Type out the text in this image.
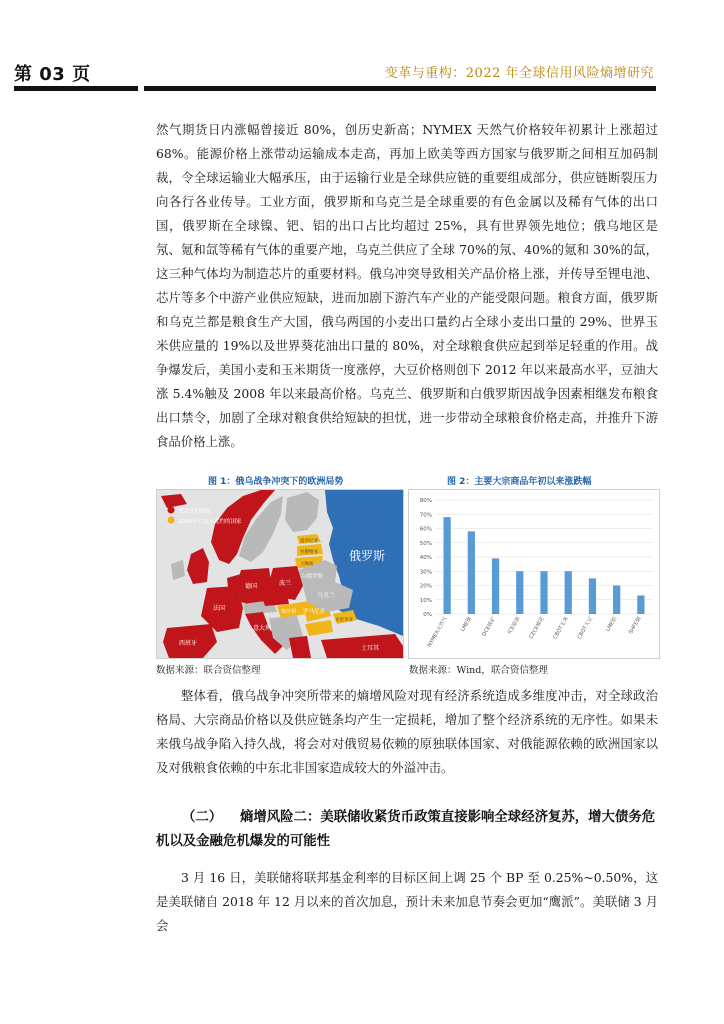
第 03 页	变革与重构：2022 年全球信用风险熵增研究

然气期货日内涨幅曾接近 80%，创历史新高；NYMEX 天然气价格较年初累计上涨超过 68%。能源价格上涨带动运输成本走高，再加上欧美等西方国家与俄罗斯之间相互加码制裁，令全球运输业大幅承压，由于运输行业是全球供应链的重要组成部分，供应链断裂压力向各行各业传导。工业方面，俄罗斯和乌克兰是全球重要的有色金属以及稀有气体的出口国，俄罗斯在全球镍、钯、铝的出口占比均超过 25%，具有世界领先地位；俄乌地区是氖、氪和氙等稀有气体的重要产地，乌克兰供应了全球 70%的氖、40%的氪和 30%的氙，这三种气体均为制造芯片的重要材料。俄乌冲突导致相关产品价格上涨，并传导至锂电池、芯片等多个中游产业供应短缺，进而加剧下游汽车产业的产能受限问题。粮食方面，俄罗斯和乌克兰都是粮食生产大国，俄乌两国的小麦出口量约占全球小麦出口量的 29%、世界玉米供应量的 19%以及世界葵花油出口量的 80%，对全球粮食供应起到举足轻重的作用。战争爆发后，美国小麦和玉米期货一度涨停，大豆价格则创下 2012 年以来最高水平，豆油大涨 5.4%触及 2008 年以来最高价格。乌克兰、俄罗斯和白俄罗斯因战争因素相继发布粮食出口禁令，加剧了全球对粮食供给短缺的担忧，进一步带动全球粮食价格走高，并推升下游食品价格上涨。

图 1：俄乌战争冲突下的欧洲局势	图 2：主要大宗商品年初以来涨跌幅
代表北约国家
2004年后加入北约的国家
俄罗斯
乌克兰
白俄罗斯
波兰
德国
法国
西班牙
意大利
土耳其
罗马尼亚
匈牙利
爱沙尼亚
拉脱维亚
立陶宛
克里米亚
0%
10%
20%
30%
40%
50%
60%
70%
80%
NYMEX天然气	LME镍	DCE铁矿	ICE原油	CZCE棉花	CBOT玉米	CBOT大豆	LME铝	SHFE铜
数据来源：联合资信整理	数据来源：Wind，联合资信整理

整体看，俄乌战争冲突所带来的熵增风险对现有经济系统造成多维度冲击，对全球政治格局、大宗商品价格以及供应链条均产生一定损耗，增加了整个经济系统的无序性。如果未来俄乌战争陷入持久战，将会对对俄贸易依赖的原独联体国家、对俄能源依赖的欧洲国家以及对俄粮食依赖的中东北非国家造成较大的外溢冲击。

（二） 熵增风险二：美联储收紧货币政策直接影响全球经济复苏，增大债务危机以及金融危机爆发的可能性

3 月 16 日，美联储将联邦基金利率的目标区间上调 25 个 BP 至 0.25%~0.50%，这是美联储自 2018 年 12 月以来的首次加息，预计未来加息节奏会更加“鹰派”。美联储 3 月会
